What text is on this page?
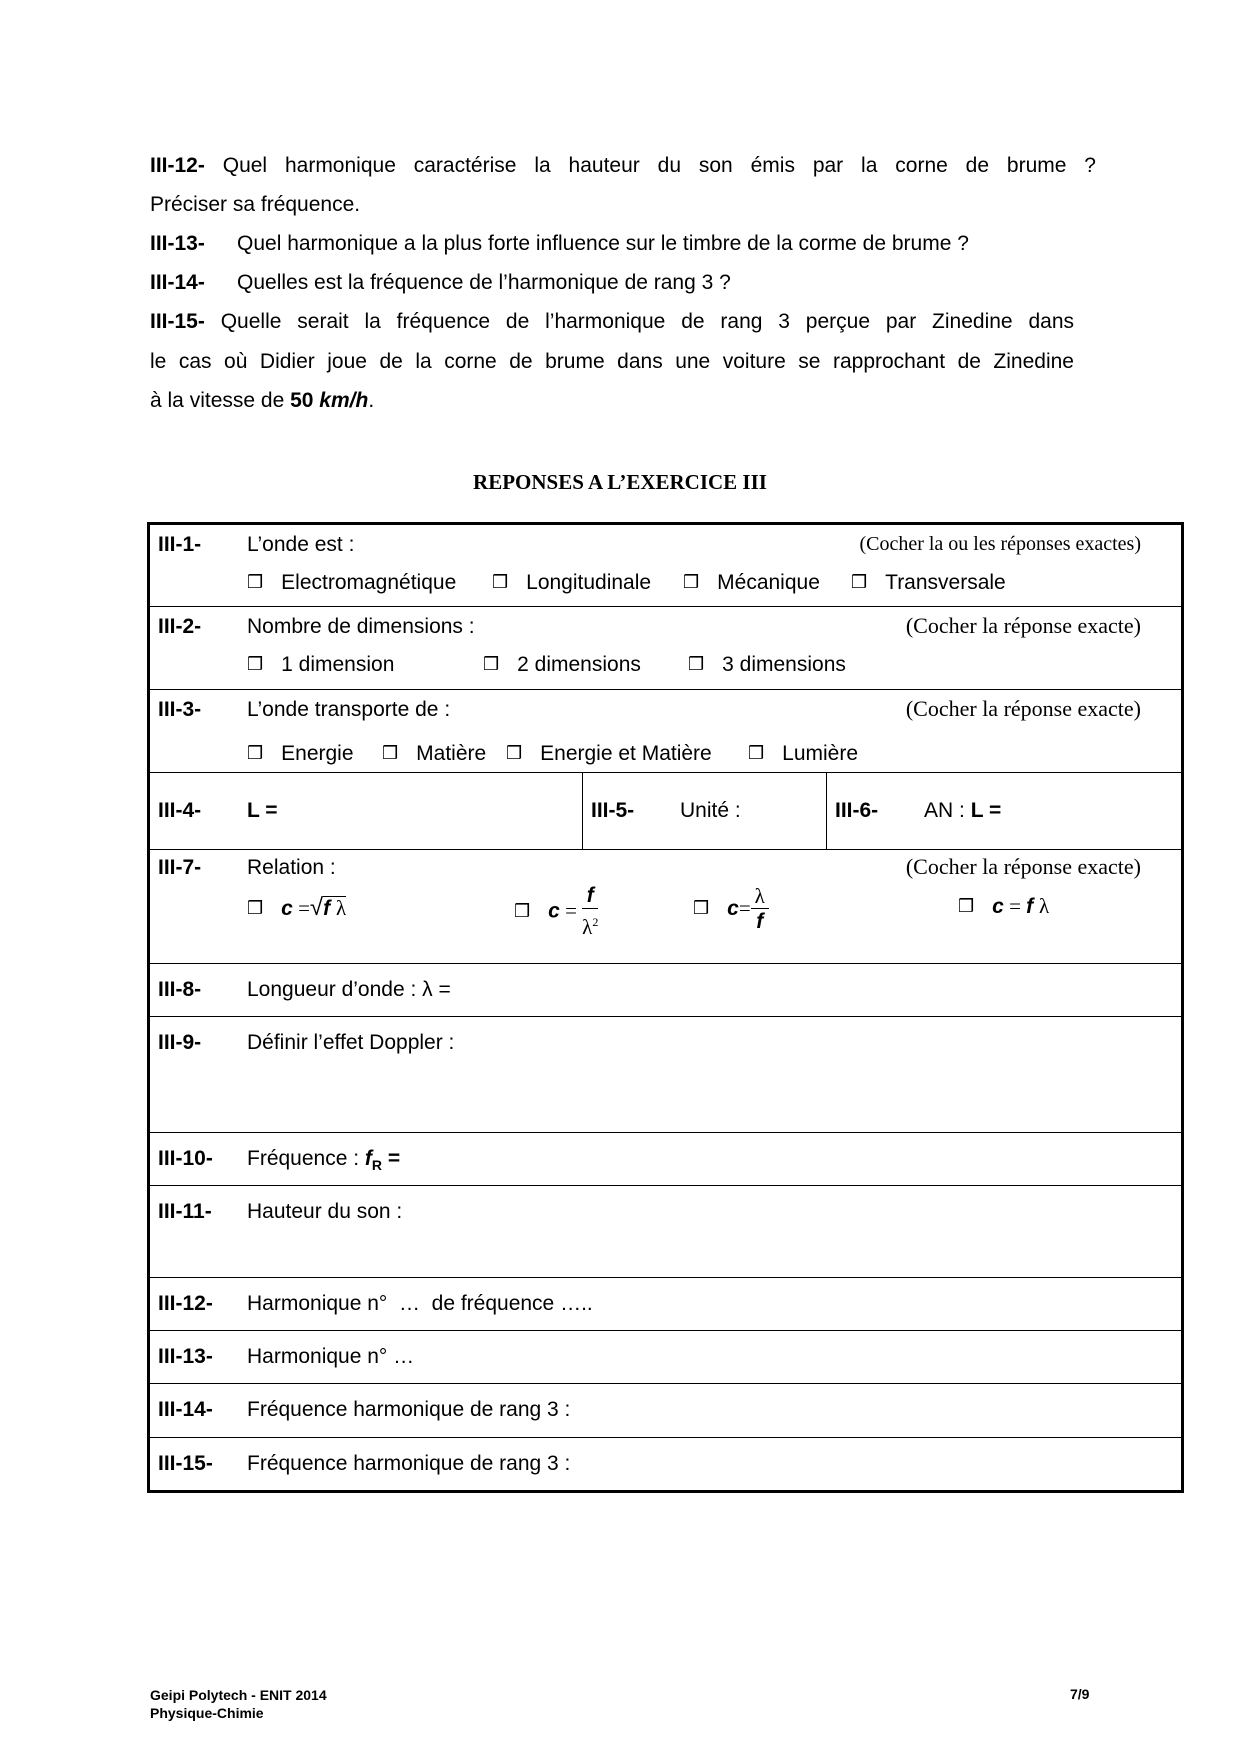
III-12- Quel harmonique caractérise la hauteur du son émis par la corne de brume ?
Préciser sa fréquence.
III-13- Quel harmonique a la plus forte influence sur le timbre de la corme de brume ?
III-14- Quelles est la fréquence de l’harmonique de rang 3 ?
III-15- Quelle serait la fréquence de l’harmonique de rang 3 perçue par Zinedine dans
le cas où Didier joue de la corne de brume dans une voiture se rapprochant de Zinedine
à la vitesse de 50 km/h.
REPONSES A L’EXERCICE III
III-1- L’onde est :	(Cocher la ou les réponses exactes)
❒ Electromagnétique ❒ Longitudinale ❒ Mécanique ❒ Transversale

III-2- Nombre de dimensions :	(Cocher la réponse exacte)
❒ 1 dimension	❒ 2 dimensions	❒ 3 dimensions

III-3- L’onde transporte de :	(Cocher la réponse exacte)
❒ Energie ❒ Matière ❒ Energie et Matière ❒ Lumière

III-4- L =	III-5- Unité :	III-6- AN : L =

III-7- Relation :	(Cocher la réponse exacte)
❒ c =√f λ	❒ $c = \frac{f}{\lambda^2}$	❒ $c= \frac{\lambda}{f}$	❒ c = f λ

III-8- Longueur d’onde : λ =

III-9- Définir l’effet Doppler :

III-10- Fréquence : $f_R$ =

III-11- Hauteur du son :

III-12- Harmonique n°  …  de fréquence …..

III-13- Harmonique n° …

III-14- Fréquence harmonique de rang 3 :

III-15- Fréquence harmonique de rang 3 :
Geipi Polytech - ENIT 2014
Physique-Chimie
7/9
